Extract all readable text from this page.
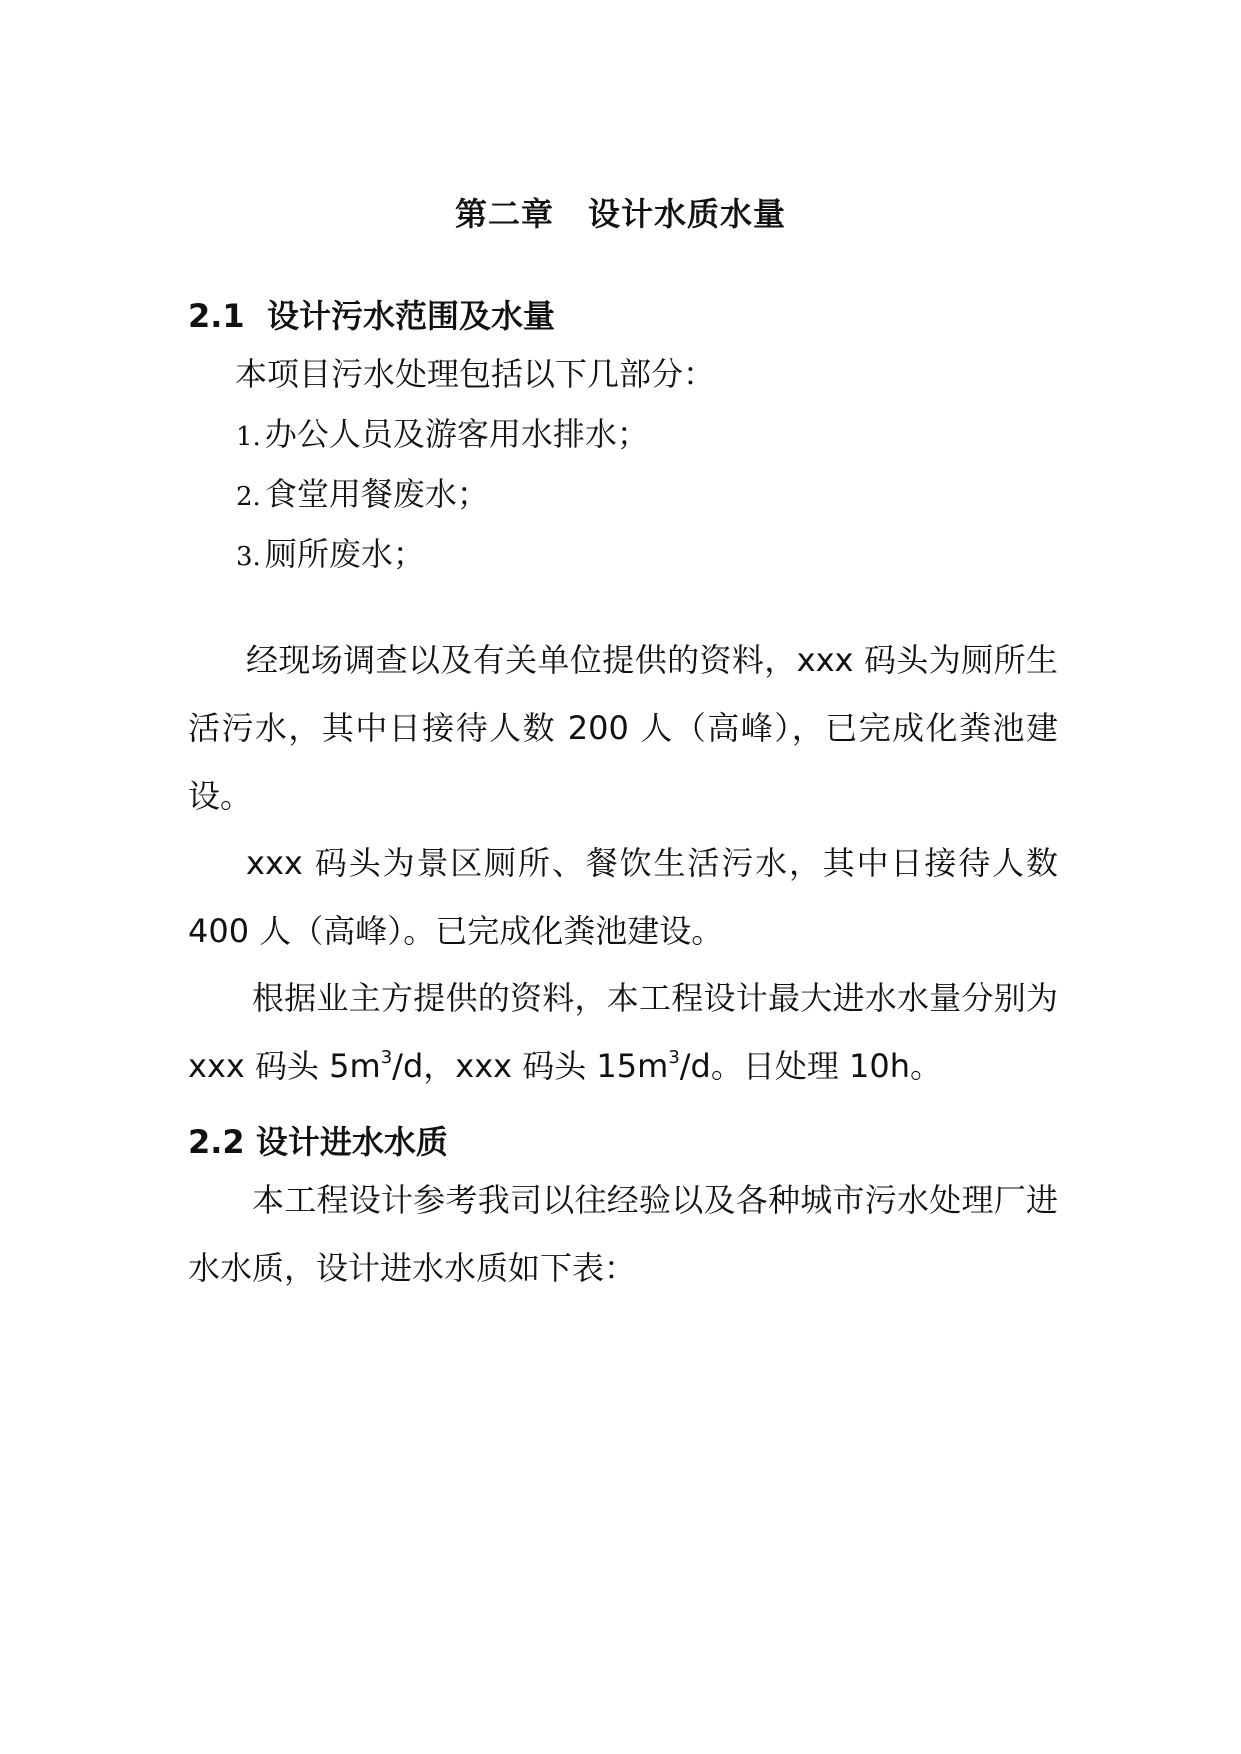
第二章 设计水质水量
2.1 设计污水范围及水量
本项目污水处理包括以下几部分：
1. 办公人员及游客用水排水；
2. 食堂用餐废水；
3. 厕所废水；
经现场调查以及有关单位提供的资料，xxx 码头为厕所生活污水，其中日接待人数 200 人（高峰），已完成化粪池建设。
xxx 码头为景区厕所、餐饮生活污水，其中日接待人数 400 人（高峰）。已完成化粪池建设。
根据业主方提供的资料，本工程设计最大进水水量分别为 xxx 码头 $5m^3/d$，xxx 码头 $15m^3/d$。日处理 10h。
2.2 设计进水水质
本工程设计参考我司以往经验以及各种城市污水处理厂进水水质，设计进水水质如下表：
